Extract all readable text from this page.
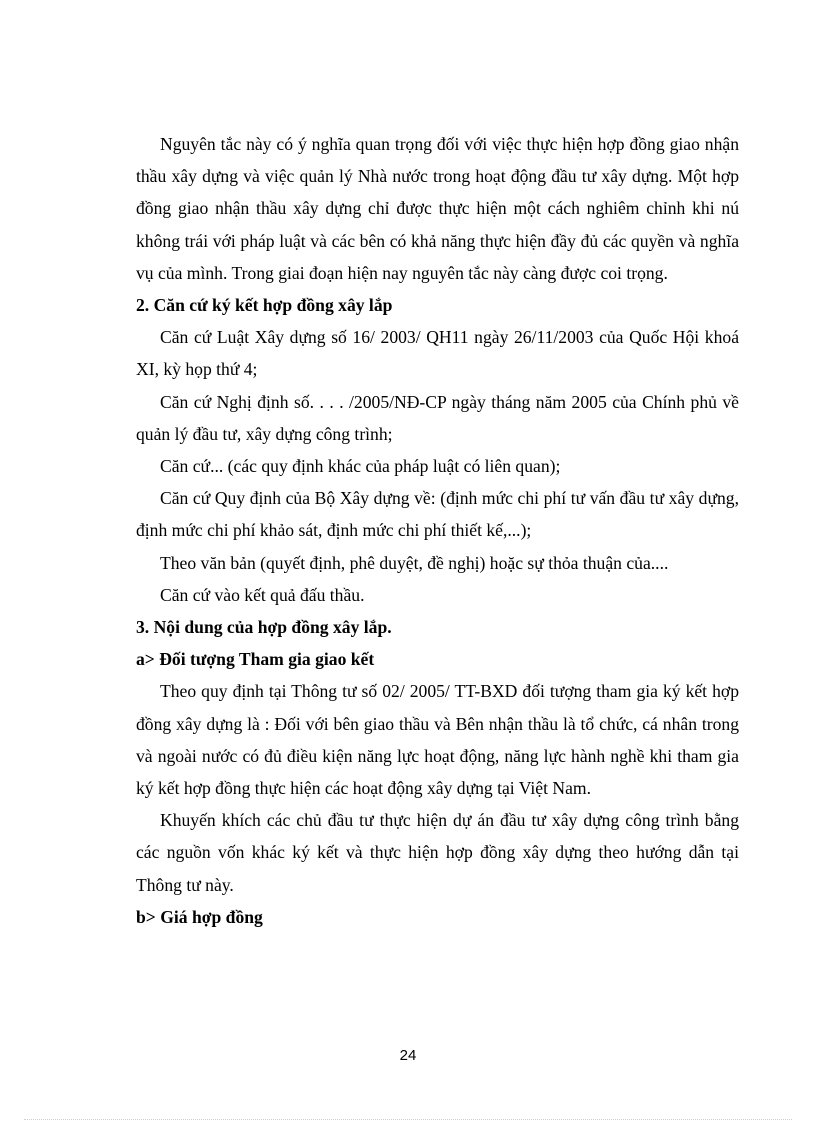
Nguyên tắc này có ý nghĩa quan trọng đối với việc thực hiện hợp đồng giao nhận thầu xây dựng và việc quản lý Nhà nước trong hoạt động đầu tư xây dựng. Một hợp đồng giao nhận thầu xây dựng chỉ được thực hiện một cách nghiêm chỉnh khi nú không trái với pháp luật và các bên có khả năng thực hiện đầy đủ các quyền và nghĩa vụ của mình. Trong giai đoạn hiện nay nguyên tắc này càng được coi trọng.

2. Căn cứ ký kết hợp đồng xây lắp

Căn cứ Luật Xây dựng số 16/ 2003/ QH11 ngày 26/11/2003 của Quốc Hội khoá XI, kỳ họp thứ 4;

Căn cứ Nghị định số. . . . /2005/NĐ-CP ngày tháng năm 2005 của Chính phủ về quản lý đầu tư, xây dựng công trình;

Căn cứ... (các quy định khác của pháp luật có liên quan);

Căn cứ Quy định của Bộ Xây dựng về: (định mức chi phí tư vấn đầu tư xây dựng, định mức chi phí khảo sát, định mức chi phí thiết kế,...);

Theo văn bản (quyết định, phê duyệt, đề nghị) hoặc sự thỏa thuận của....

Căn cứ vào kết quả đấu thầu.

3. Nội dung của hợp đồng xây lắp.

a> Đối tượng Tham gia giao kết

Theo quy định tại Thông tư số 02/ 2005/ TT-BXD đối tượng tham gia ký kết hợp đồng xây dựng là : Đối với bên giao thầu và Bên nhận thầu là tổ chức, cá nhân trong và ngoài nước có đủ điều kiện năng lực hoạt động, năng lực hành nghề khi tham gia ký kết hợp đồng thực hiện các hoạt động xây dựng tại Việt Nam.

Khuyến khích các chủ đầu tư thực hiện dự án đầu tư xây dựng công trình bằng các nguồn vốn khác ký kết và thực hiện hợp đồng xây dựng theo hướng dẫn tại Thông tư này.

b> Giá hợp đồng

24
